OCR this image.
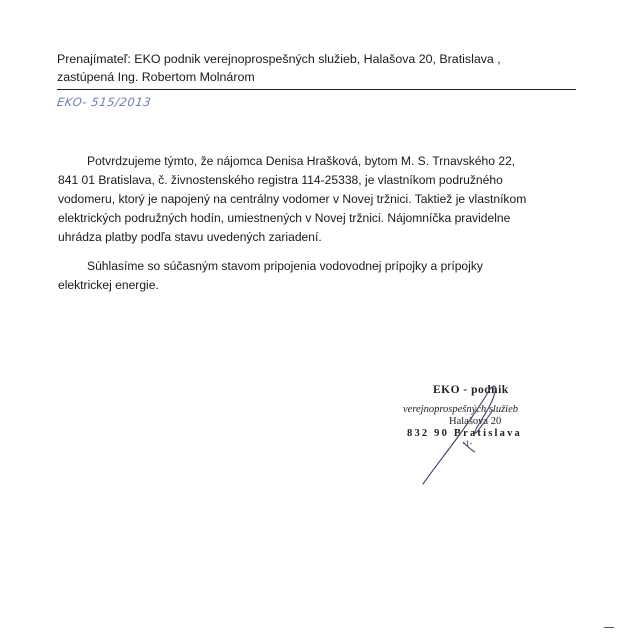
Prenajímateľ: EKO podnik verejnoprospešných služieb, Halašova 20, Bratislava ,
zastúpená Ing. Robertom Molnárom
EKO- 515/2013
Potvrdzujeme týmto, že nájomca Denisa Hrašková, bytom M. S. Trnavského 22,
841 01 Bratislava, č. živnostenského registra 114-25338, je vlastníkom podružného
vodomeru, ktorý je napojený na centrálny vodomer v Novej tržnici. Taktiež je vlastníkom
elektrických podružných hodín, umiestnených v Novej tržnici. Nájomníčka pravidelne
uhrádza platby podľa stavu uvedených zariadení.
Súhlasíme so súčasným stavom pripojenia vodovodnej prípojky a prípojky
elektrickej energie.
EKO - podnik
verejnoprospešných služieb
Halašova 20
832 90 Bratislava
-1-
